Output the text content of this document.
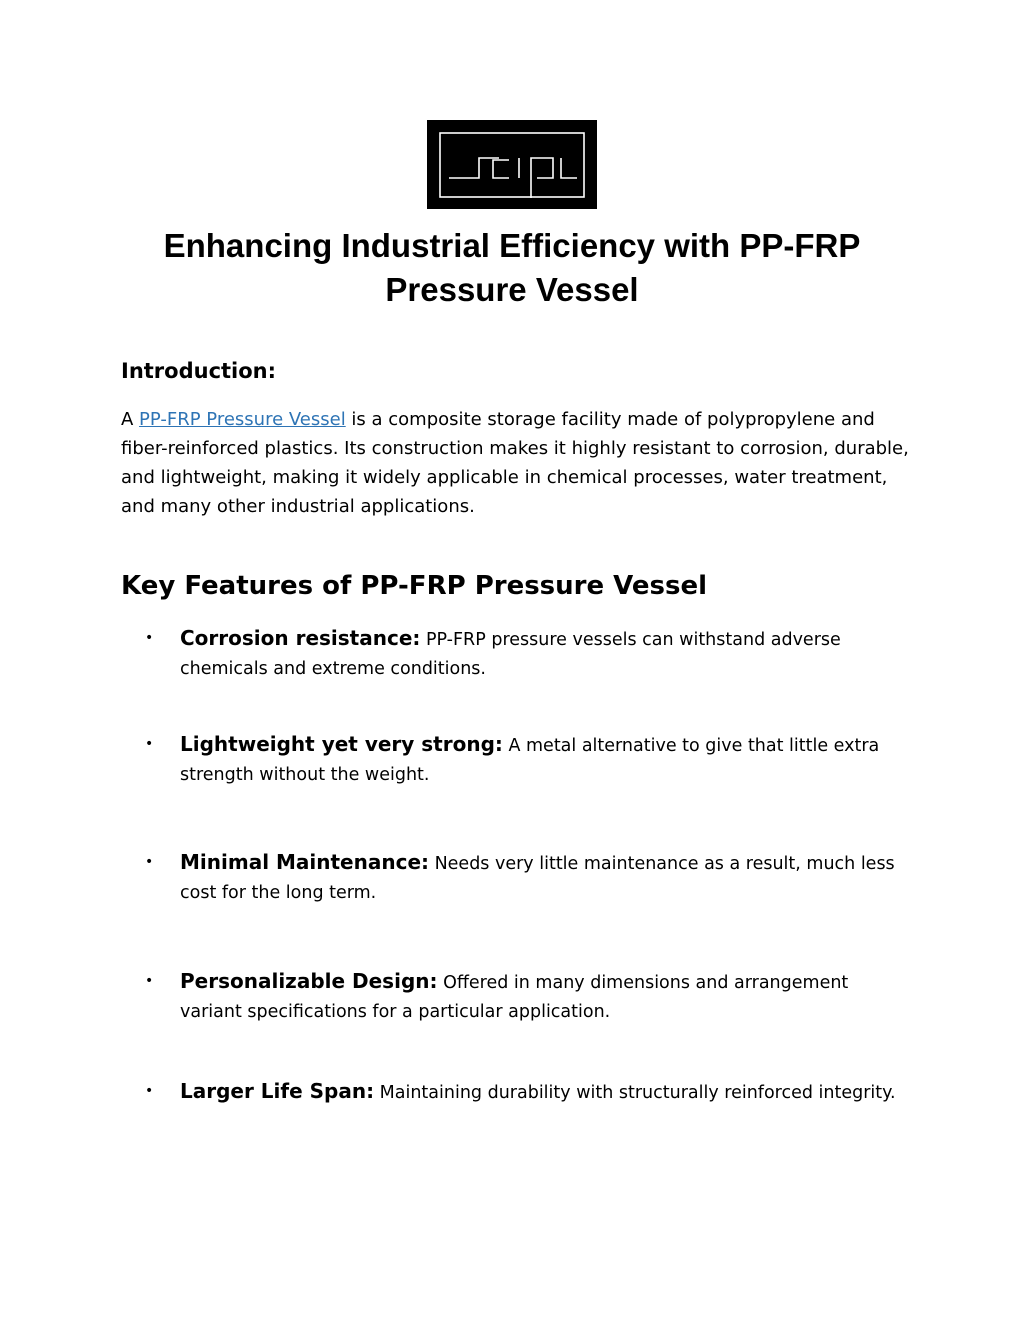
Enhancing Industrial Efficiency with PP-FRP Pressure Vessel
Introduction:

A PP-FRP Pressure Vessel is a composite storage facility made of polypropylene and fiber-reinforced plastics. Its construction makes it highly resistant to corrosion, durable, and lightweight, making it widely applicable in chemical processes, water treatment, and many other industrial applications.

Key Features of PP-FRP Pressure Vessel
• Corrosion resistance: PP-FRP pressure vessels can withstand adverse chemicals and extreme conditions.
• Lightweight yet very strong: A metal alternative to give that little extra strength without the weight.
• Minimal Maintenance: Needs very little maintenance as a result, much less cost for the long term.
• Personalizable Design: Offered in many dimensions and arrangement variant specifications for a particular application.
• Larger Life Span: Maintaining durability with structurally reinforced integrity.
